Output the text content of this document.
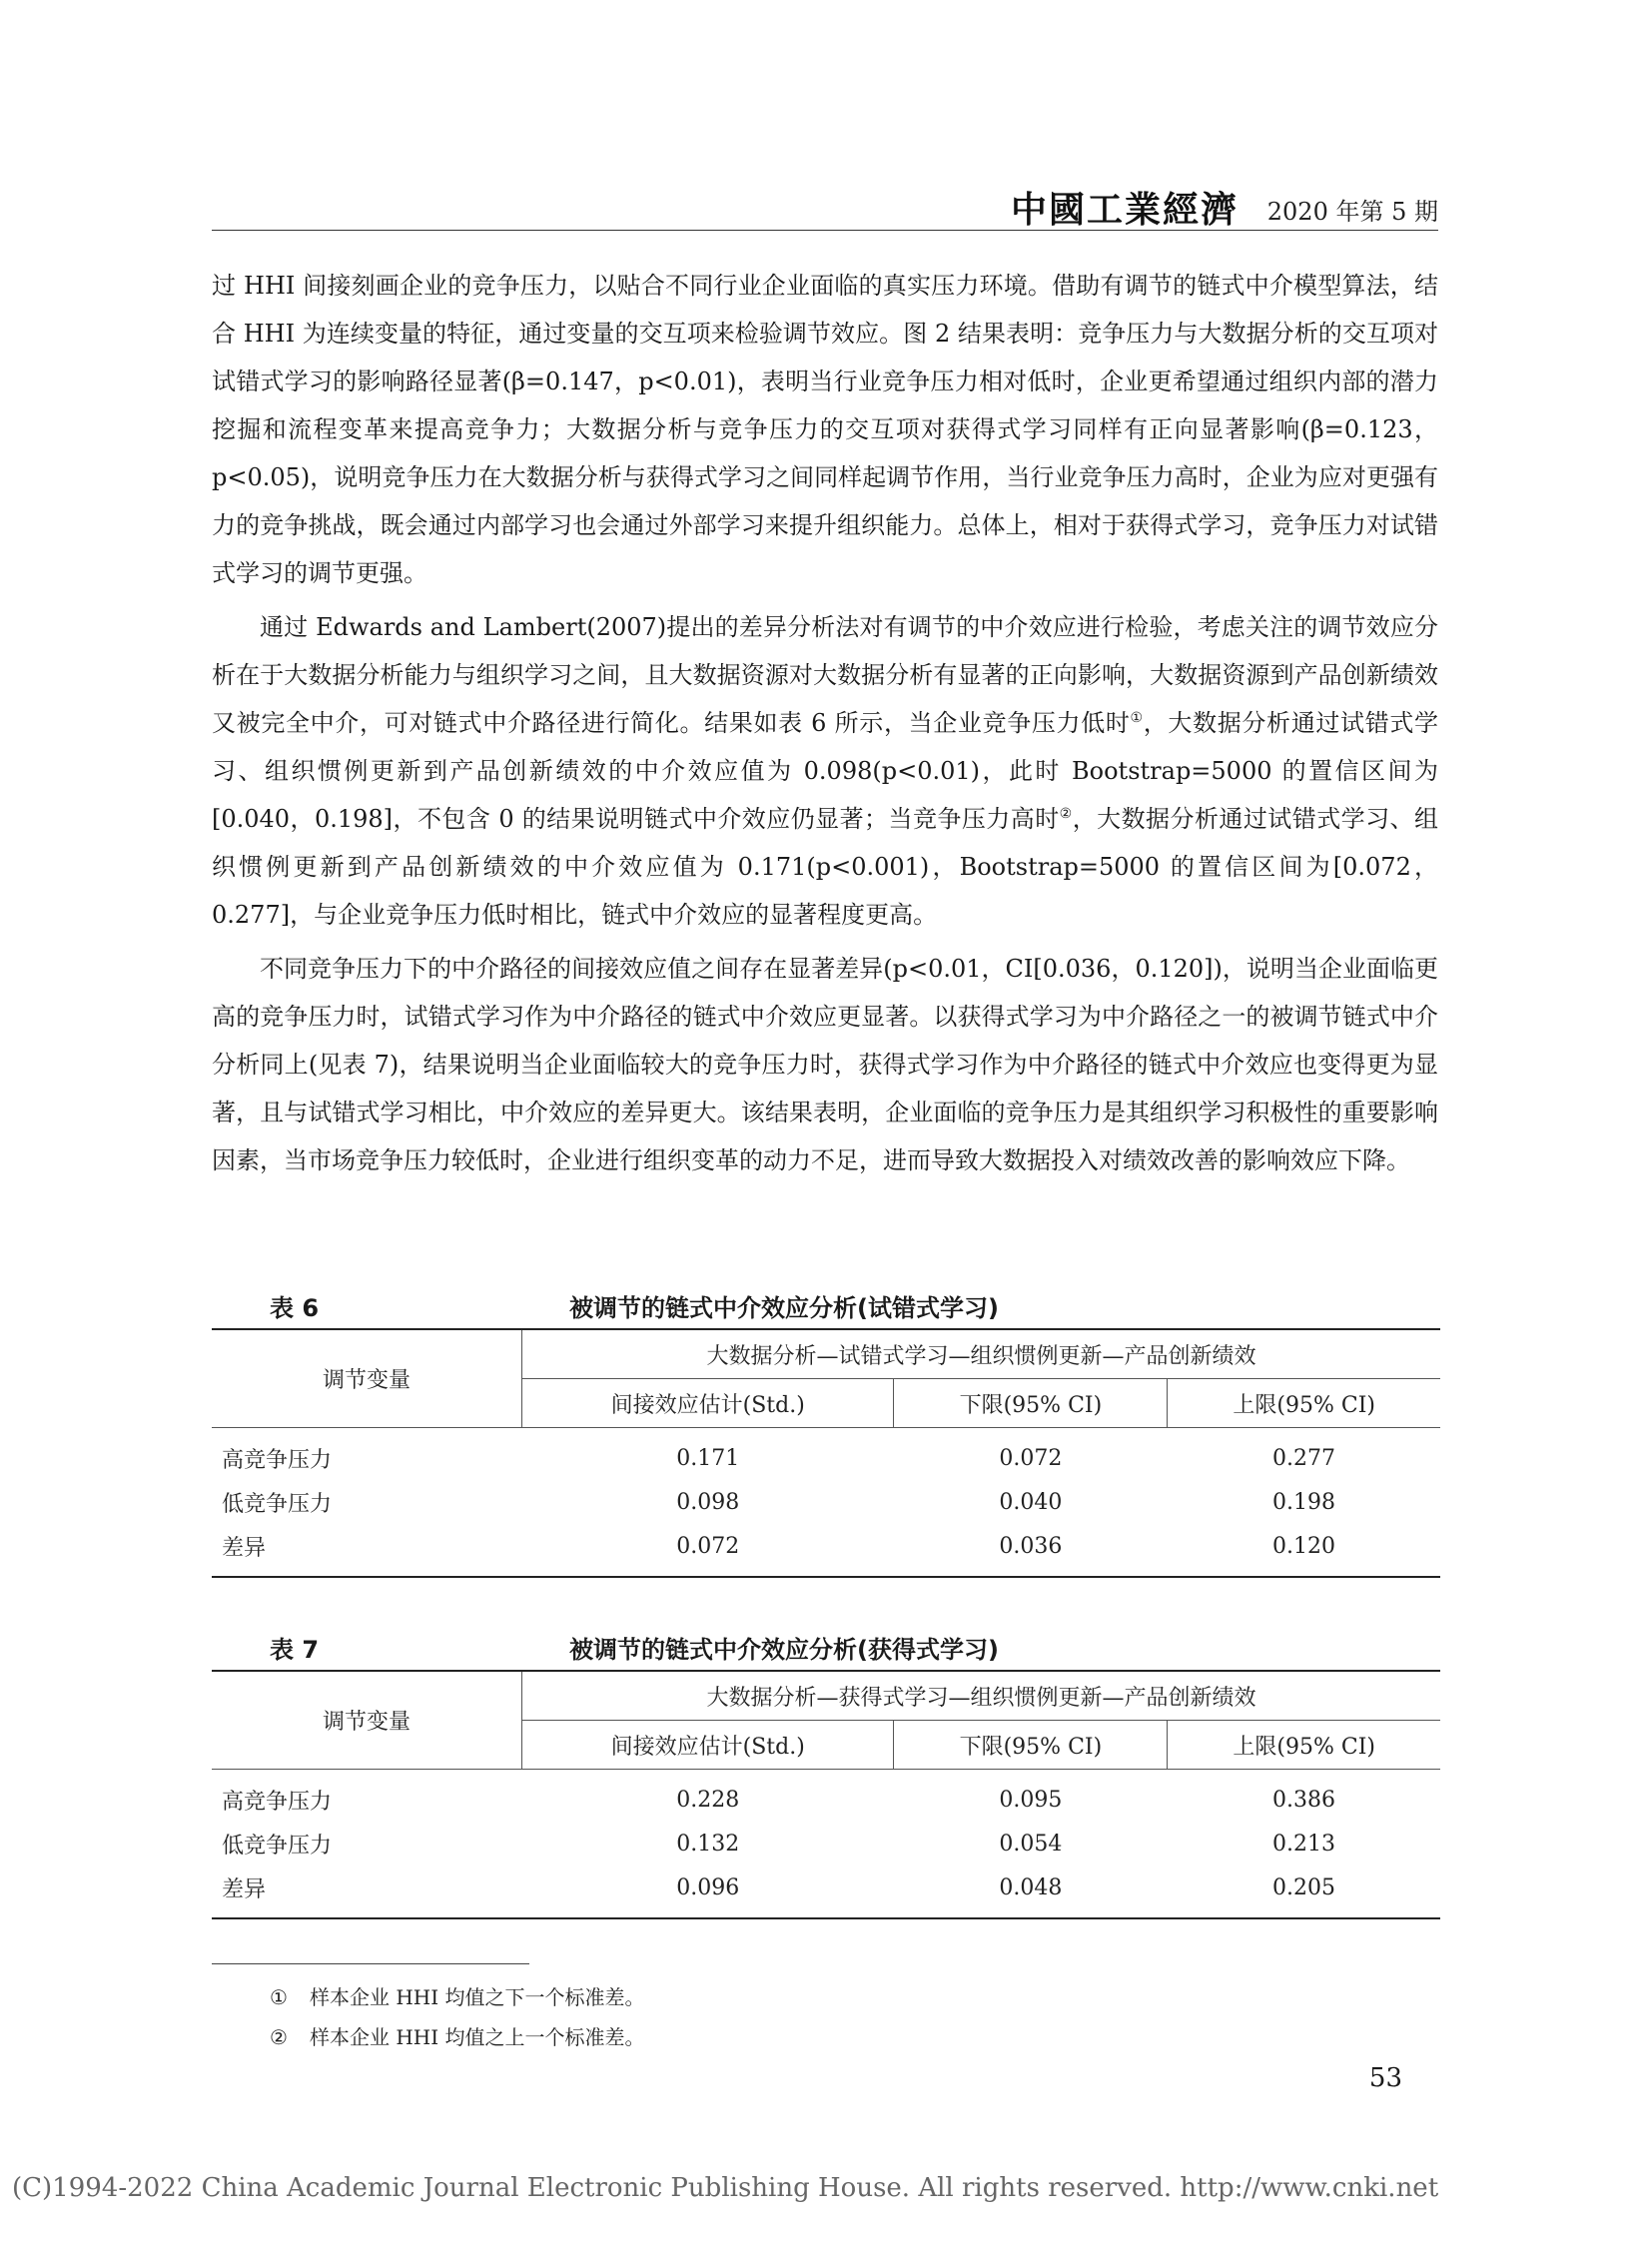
中國工業經濟 2020 年第 5 期

过 HHI 间接刻画企业的竞争压力，以贴合不同行业企业面临的真实压力环境。借助有调节的链式中介模型算法，结合 HHI 为连续变量的特征，通过变量的交互项来检验调节效应。图 2 结果表明：竞争压力与大数据分析的交互项对试错式学习的影响路径显著(β=0.147，p<0.01)，表明当行业竞争压力相对低时，企业更希望通过组织内部的潜力挖掘和流程变革来提高竞争力；大数据分析与竞争压力的交互项对获得式学习同样有正向显著影响(β=0.123，p<0.05)，说明竞争压力在大数据分析与获得式学习之间同样起调节作用，当行业竞争压力高时，企业为应对更强有力的竞争挑战，既会通过内部学习也会通过外部学习来提升组织能力。总体上，相对于获得式学习，竞争压力对试错式学习的调节更强。

通过 Edwards and Lambert(2007)提出的差异分析法对有调节的中介效应进行检验，考虑关注的调节效应分析在于大数据分析能力与组织学习之间，且大数据资源对大数据分析有显著的正向影响，大数据资源到产品创新绩效又被完全中介，可对链式中介路径进行简化。结果如表 6 所示，当企业竞争压力低时①，大数据分析通过试错式学习、组织惯例更新到产品创新绩效的中介效应值为 0.098(p<0.01)，此时 Bootstrap=5000 的置信区间为[0.040，0.198]，不包含 0 的结果说明链式中介效应仍显著；当竞争压力高时②，大数据分析通过试错式学习、组织惯例更新到产品创新绩效的中介效应值为 0.171(p<0.001)，Bootstrap=5000 的置信区间为[0.072，0.277]，与企业竞争压力低时相比，链式中介效应的显著程度更高。

不同竞争压力下的中介路径的间接效应值之间存在显著差异(p<0.01，CI[0.036，0.120])，说明当企业面临更高的竞争压力时，试错式学习作为中介路径的链式中介效应更显著。以获得式学习为中介路径之一的被调节链式中介分析同上(见表 7)，结果说明当企业面临较大的竞争压力时，获得式学习作为中介路径的链式中介效应也变得更为显著，且与试错式学习相比，中介效应的差异更大。该结果表明，企业面临的竞争压力是其组织学习积极性的重要影响因素，当市场竞争压力较低时，企业进行组织变革的动力不足，进而导致大数据投入对绩效改善的影响效应下降。

表 6	被调节的链式中介效应分析(试错式学习)
调节变量	大数据分析—试错式学习—组织惯例更新—产品创新绩效		
	间接效应估计(Std.)	下限(95% CI)	上限(95% CI)
高竞争压力	0.171	0.072	0.277
低竞争压力	0.098	0.040	0.198
差异	0.072	0.036	0.120
表 7	被调节的链式中介效应分析(获得式学习)
调节变量	大数据分析—获得式学习—组织惯例更新—产品创新绩效		
	间接效应估计(Std.)	下限(95% CI)	上限(95% CI)
高竞争压力	0.228	0.095	0.386
低竞争压力	0.132	0.054	0.213
差异	0.096	0.048	0.205
① 样本企业 HHI 均值之下一个标准差。
② 样本企业 HHI 均值之上一个标准差。
53
(C)1994-2022 China Academic Journal Electronic Publishing House. All rights reserved. http://www.cnki.net
